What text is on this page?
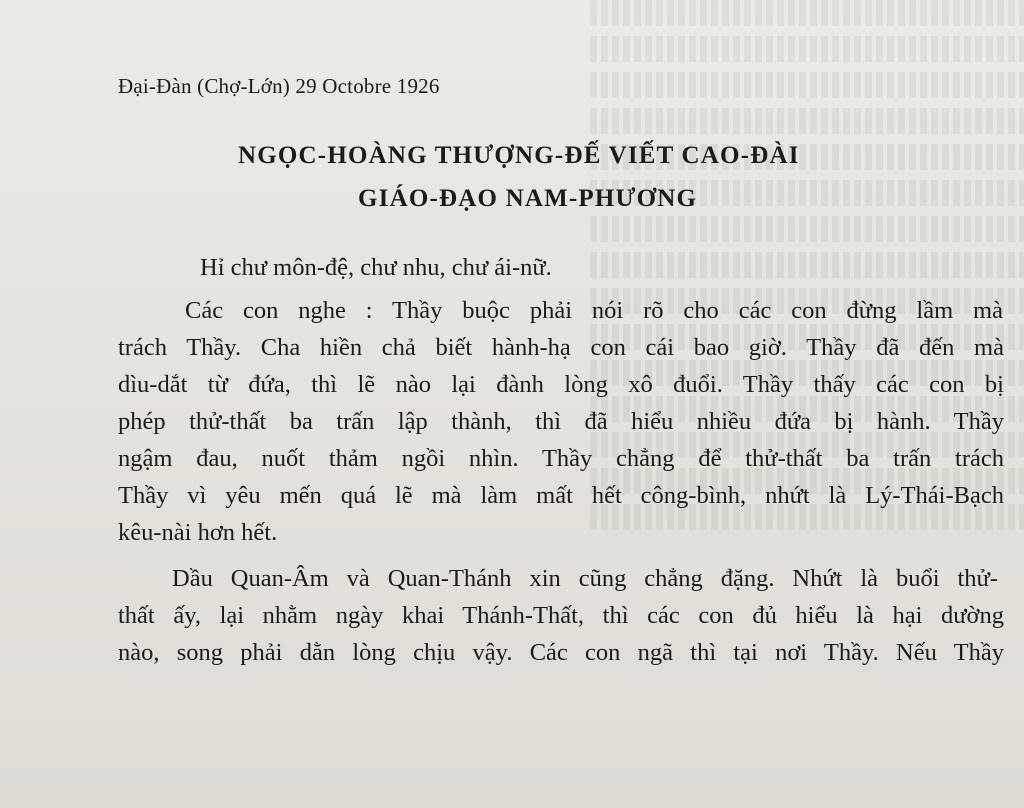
Đại-Đàn (Chợ-Lớn) 29 Octobre 1926
NGỌC-HOÀNG THƯỢNG-ĐẾ VIẾT CAO-ĐÀI
GIÁO-ĐẠO NAM-PHƯƠNG
Hỉ chư môn-đệ, chư nhu, chư ái-nữ.
Các con nghe : Thầy buộc phải nói rõ cho các con đừng lầm mà
trách Thầy. Cha hiền chả biết hành-hạ con cái bao giờ. Thầy đã đến mà
dìu-dắt từ đứa, thì lẽ nào lại đành lòng xô đuổi. Thầy thấy các con bị
phép thử-thất ba trấn lập thành, thì đã hiểu nhiều đứa bị hành. Thầy
ngậm đau, nuốt thảm ngồi nhìn. Thầy chẳng để thử-thất ba trấn trách
Thầy vì yêu mến quá lẽ mà làm mất hết công-bình, nhứt là Lý-Thái-Bạch
kêu-nài hơn hết.
Dầu Quan-Âm và Quan-Thánh xin cũng chẳng đặng. Nhứt là buổi thử-
thất ấy, lại nhằm ngày khai Thánh-Thất, thì các con đủ hiểu là hại dường
nào, song phải dằn lòng chịu vậy. Các con ngã thì tại nơi Thầy. Nếu Thầy
